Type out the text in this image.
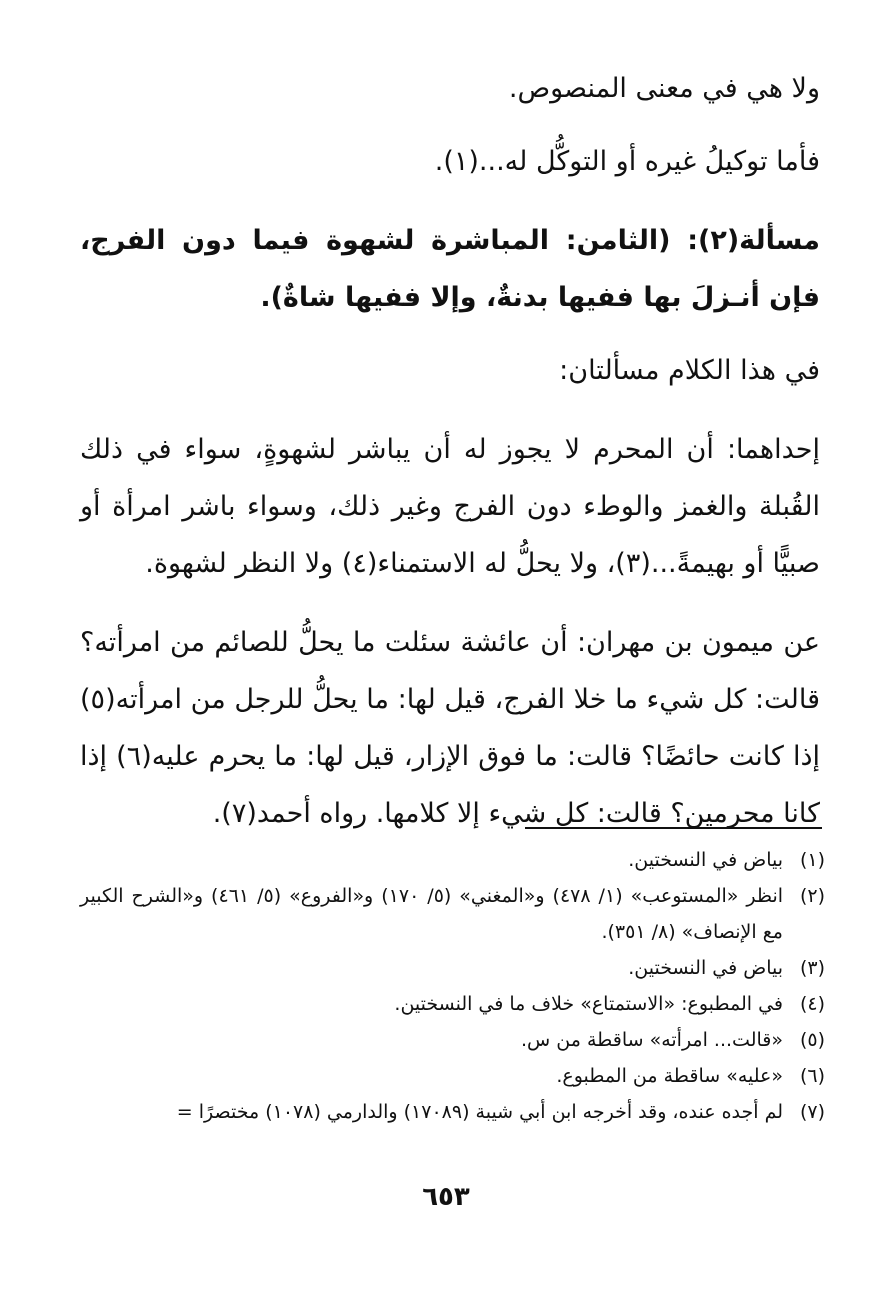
ولا هي في معنى المنصوص.

فأما توكيلُ غيره أو التوكُّل له...(١).

مسألة(٢): (الثامن: المباشرة لشهوة فيما دون الفرج، فإن أنـزلَ بها ففيها بدنةٌ، وإلا ففيها شاةٌ).

في هذا الكلام مسألتان:

إحداهما: أن المحرم لا يجوز له أن يباشر لشهوةٍ، سواء في ذلك القُبلة والغمز والوطء دون الفرج وغير ذلك، وسواء باشر امرأة أو صبيًّا أو بهيمةً...(٣)، ولا يحلُّ له الاستمناء(٤) ولا النظر لشهوة.

عن ميمون بن مهران: أن عائشة سئلت ما يحلُّ للصائم من امرأته؟ قالت: كل شيء ما خلا الفرج، قيل لها: ما يحلُّ للرجل من امرأته(٥) إذا كانت حائضًا؟ قالت: ما فوق الإزار، قيل لها: ما يحرم عليه(٦) إذا كانا محرمين؟ قالت: كل شيء إلا كلامها. رواه أحمد(٧).

(١)
بياض في النسختين.
(٢)
انظر «المستوعب» (١/ ٤٧٨) و«المغني» (٥/ ١٧٠) و«الفروع» (٥/ ٤٦١) و«الشرح الكبير مع الإنصاف» (٨/ ٣٥١).
(٣)
بياض في النسختين.
(٤)
في المطبوع: «الاستمتاع» خلاف ما في النسختين.
(٥)
«قالت... امرأته» ساقطة من س.
(٦)
«عليه» ساقطة من المطبوع.
(٧)
لم أجده عنده، وقد أخرجه ابن أبي شيبة (١٧٠٨٩) والدارمي (١٠٧٨) مختصرًا =
٦٥٣
